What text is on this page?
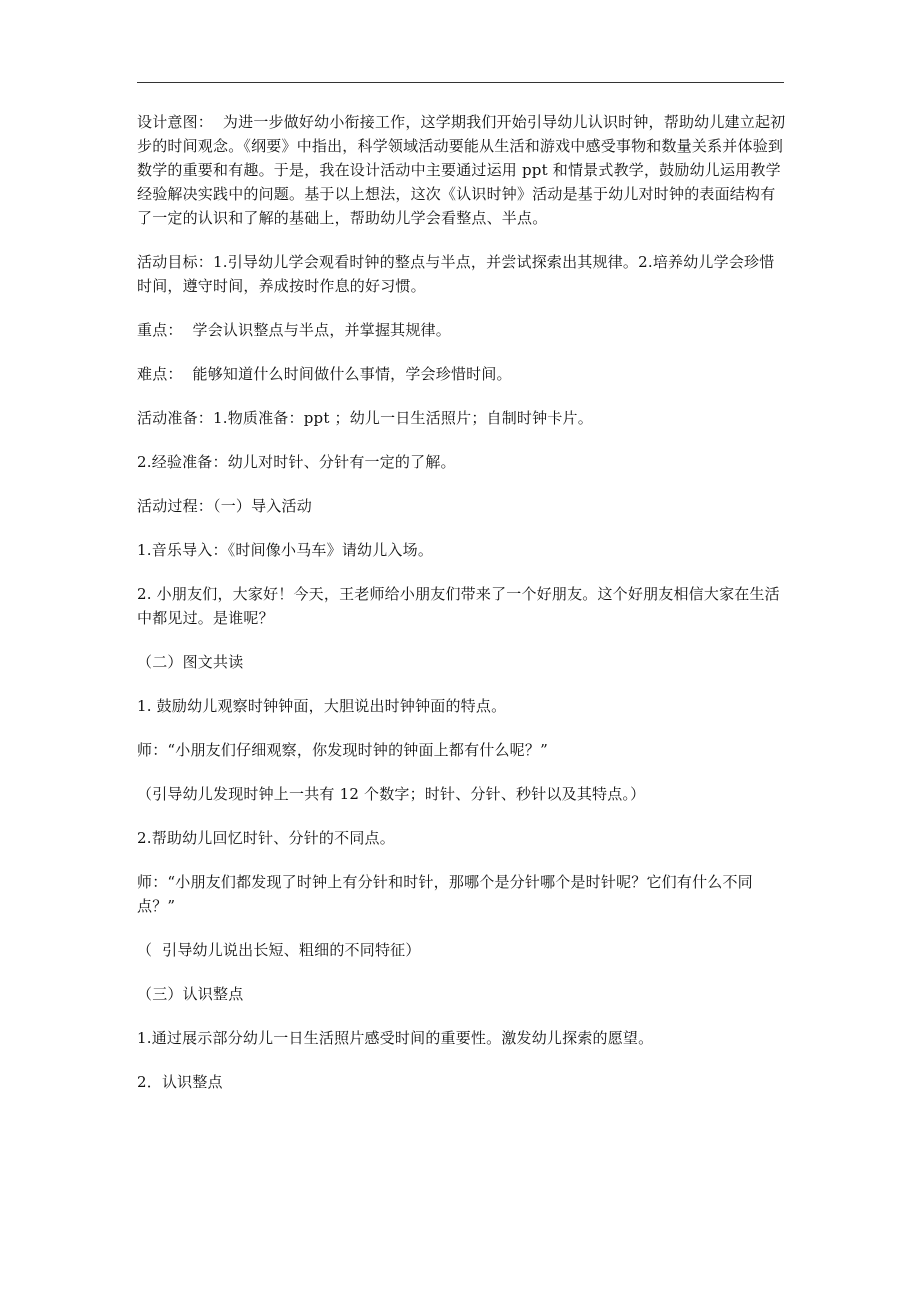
设计意图：  为进一步做好幼小衔接工作，这学期我们开始引导幼儿认识时钟，帮助幼儿建立起初步的时间观念。《纲要》中指出，科学领域活动要能从生活和游戏中感受事物和数量关系并体验到数学的重要和有趣。于是，我在设计活动中主要通过运用 ppt 和情景式教学，鼓励幼儿运用教学经验解决实践中的问题。基于以上想法，这次《认识时钟》活动是基于幼儿对时钟的表面结构有了一定的认识和了解的基础上，帮助幼儿学会看整点、半点。

活动目标：1.引导幼儿学会观看时钟的整点与半点，并尝试探索出其规律。2.培养幼儿学会珍惜时间，遵守时间，养成按时作息的好习惯。

重点：  学会认识整点与半点，并掌握其规律。

难点：  能够知道什么时间做什么事情，学会珍惜时间。

活动准备：1.物质准备：ppt ；幼儿一日生活照片；自制时钟卡片。

2.经验准备：幼儿对时针、分针有一定的了解。

活动过程：（一）导入活动

1.音乐导入：《时间像小马车》请幼儿入场。

2. 小朋友们，大家好！今天，王老师给小朋友们带来了一个好朋友。这个好朋友相信大家在生活中都见过。是谁呢？

（二）图文共读

1. 鼓励幼儿观察时钟钟面，大胆说出时钟钟面的特点。

师：“小朋友们仔细观察，你发现时钟的钟面上都有什么呢？”

（引导幼儿发现时钟上一共有 12 个数字；时针、分针、秒针以及其特点。）

2.帮助幼儿回忆时针、分针的不同点。

师：“小朋友们都发现了时钟上有分针和时针，那哪个是分针哪个是时针呢？它们有什么不同点？”

（  引导幼儿说出长短、粗细的不同特征）

（三）认识整点

1.通过展示部分幼儿一日生活照片感受时间的重要性。激发幼儿探索的愿望。

2．认识整点
